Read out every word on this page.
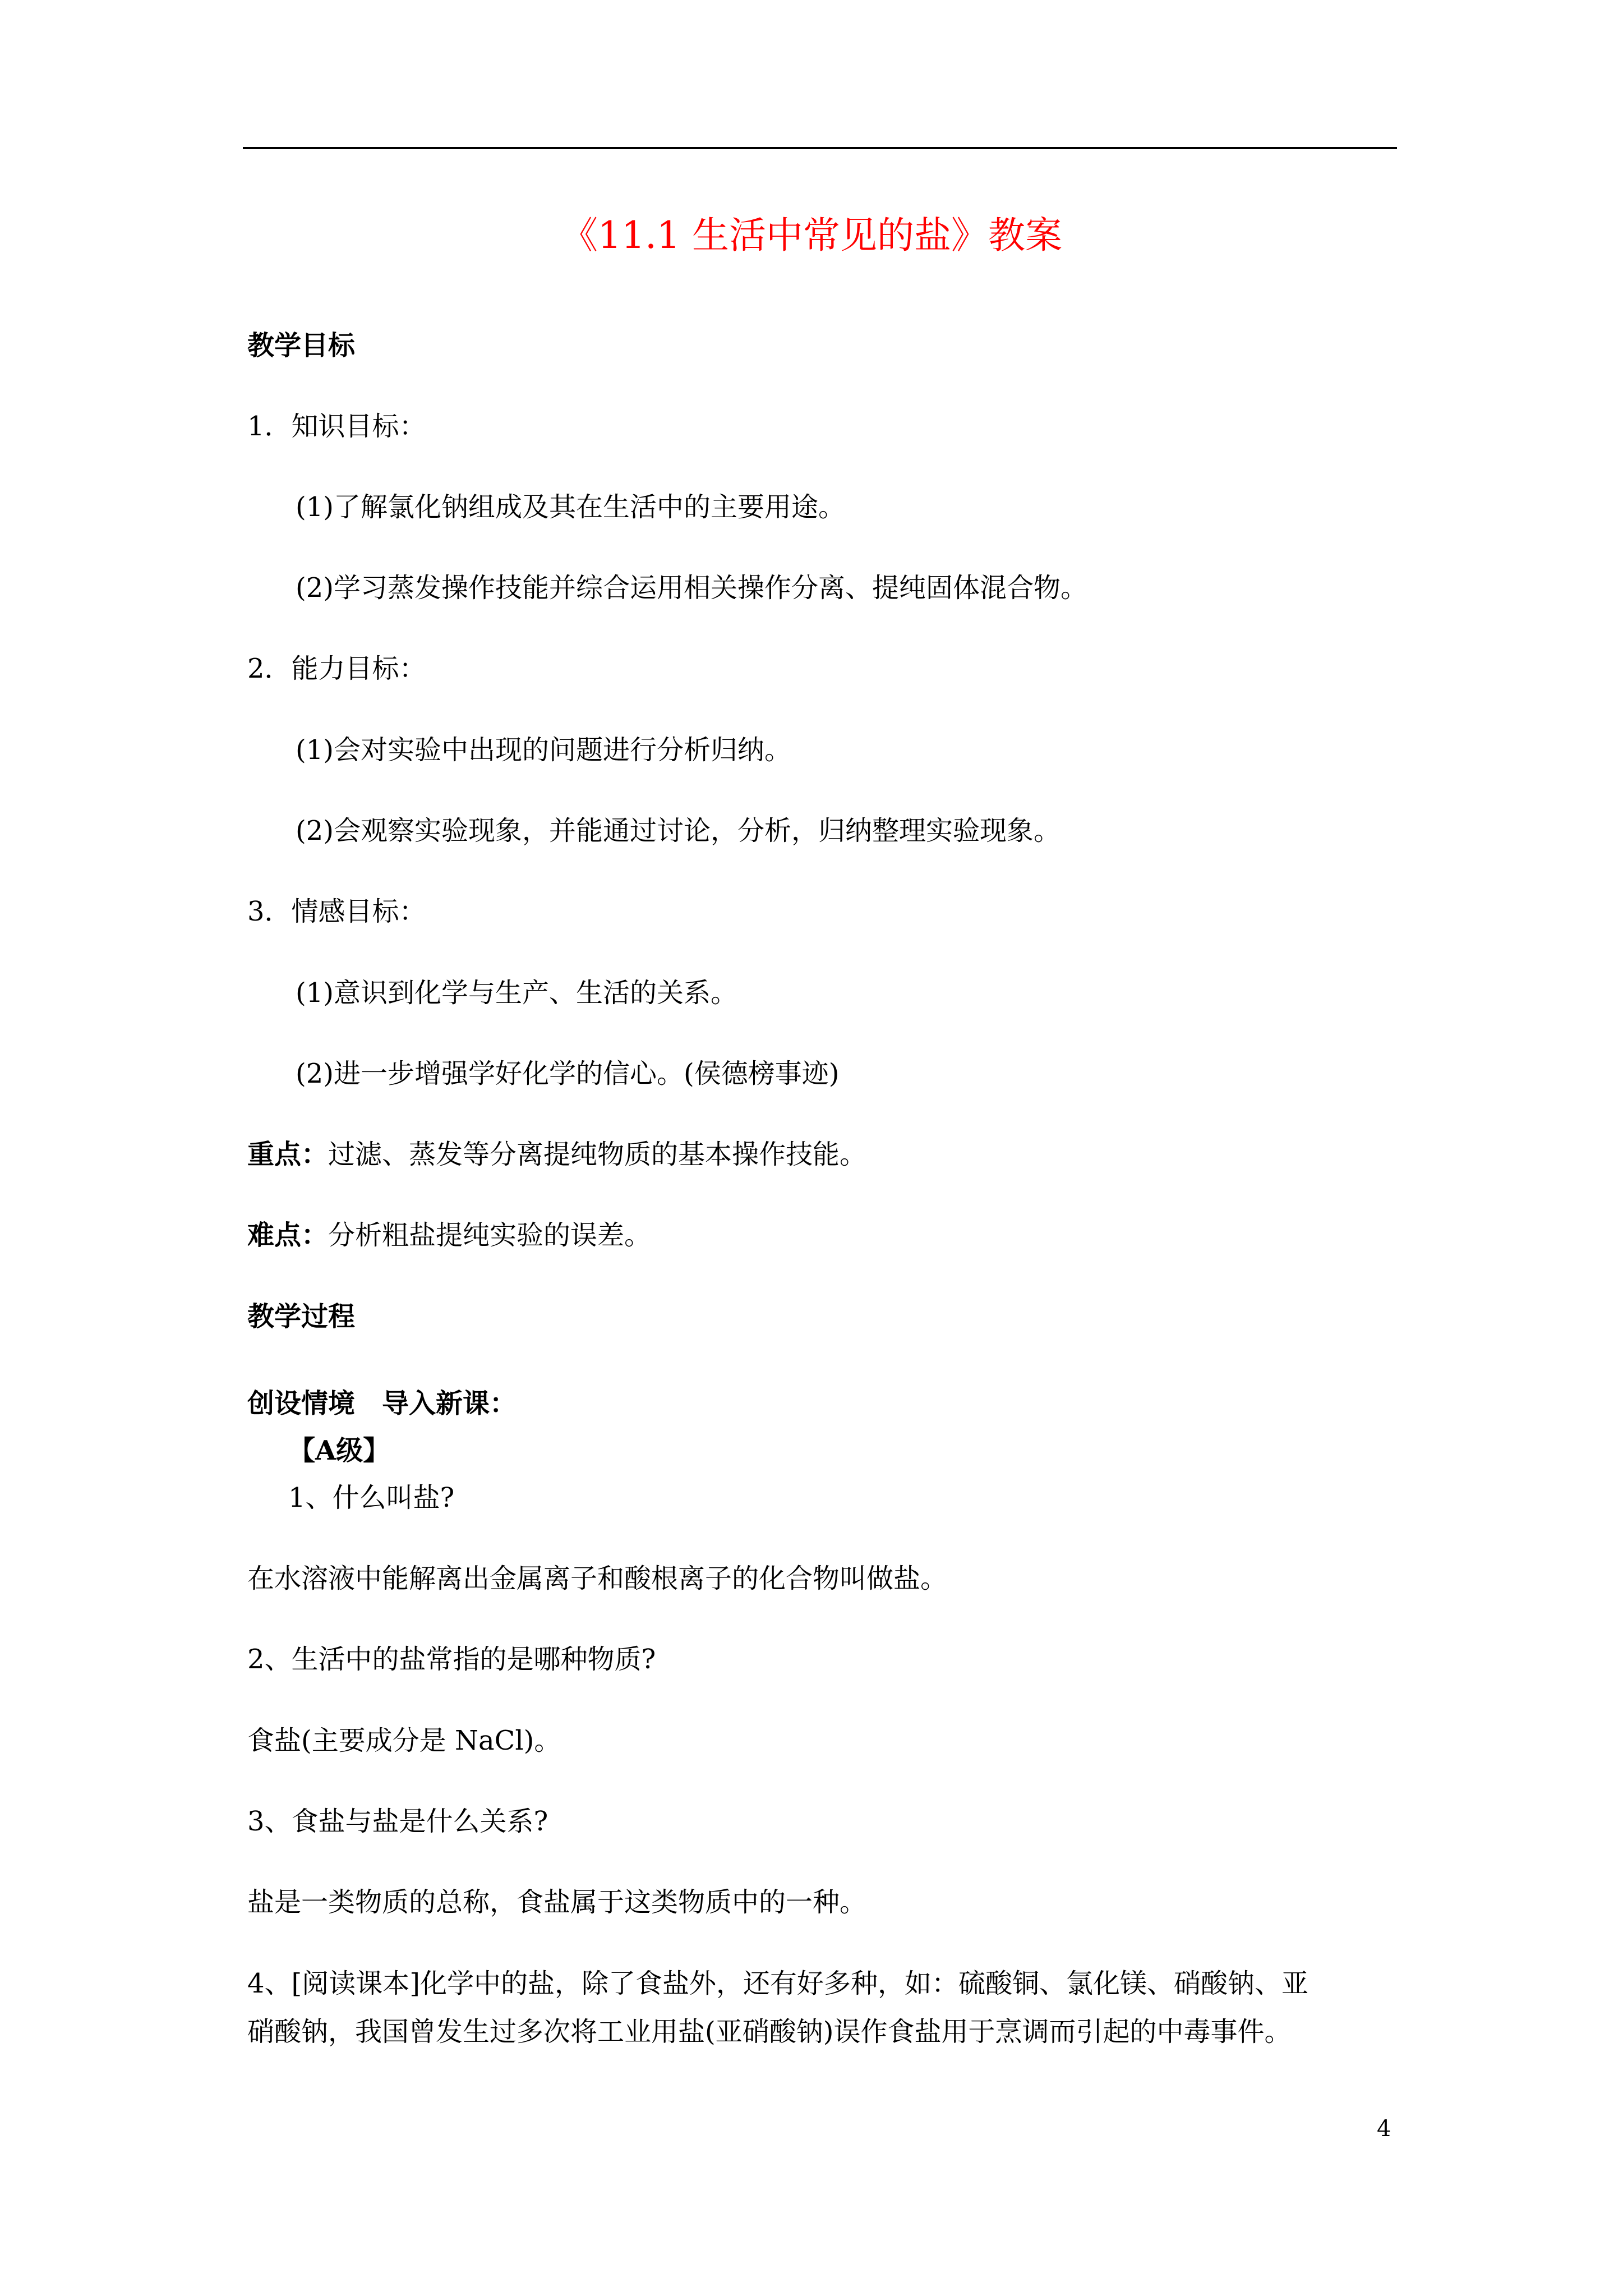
《11.1 生活中常见的盐》教案
教学目标
1．知识目标：
(1)了解氯化钠组成及其在生活中的主要用途。
(2)学习蒸发操作技能并综合运用相关操作分离、提纯固体混合物。
2．能力目标：
(1)会对实验中出现的问题进行分析归纳。
(2)会观察实验现象，并能通过讨论，分析，归纳整理实验现象。
3．情感目标：
(1)意识到化学与生产、生活的关系。
(2)进一步增强学好化学的信心。(侯德榜事迹)
重点：过滤、蒸发等分离提纯物质的基本操作技能。
难点：分析粗盐提纯实验的误差。
教学过程
创设情境　导入新课：
【A级】
1、什么叫盐?
在水溶液中能解离出金属离子和酸根离子的化合物叫做盐。
2、生活中的盐常指的是哪种物质?
食盐(主要成分是 NaCl)。
3、食盐与盐是什么关系?
盐是一类物质的总称，食盐属于这类物质中的一种。
4、[阅读课本]化学中的盐，除了食盐外，还有好多种，如：硫酸铜、氯化镁、硝酸钠、亚
硝酸钠，我国曾发生过多次将工业用盐(亚硝酸钠)误作食盐用于烹调而引起的中毒事件。
4
